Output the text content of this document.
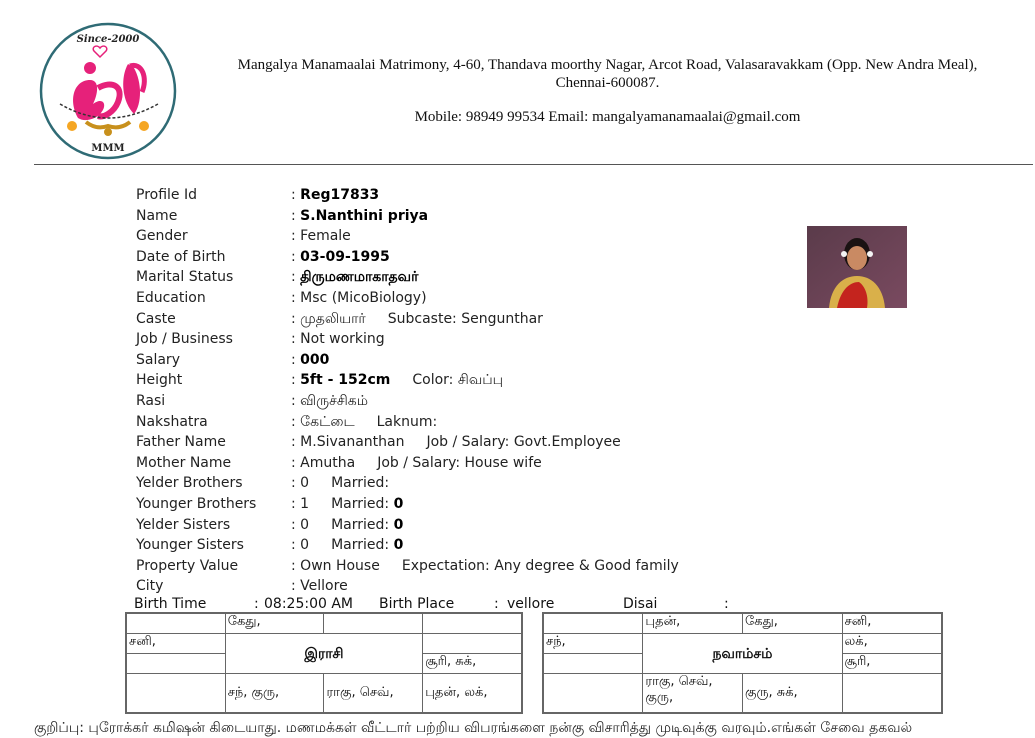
Since-2000
MMM
Mangalya Manamaalai Matrimony, 4-60, Thandava moorthy Nagar, Arcot Road, Valasaravakkam (Opp. New Andra Meal),
Chennai-600087.
Mobile: 98949 99534 Email: mangalyamanamaalai@gmail.com
Profile Id	: Reg17833
Name	: S.Nanthini priya
Gender	: Female
Date of Birth	: 03-09-1995
Marital Status	: திருமணமாகாதவர்
Education	: Msc (MicoBiology)
Caste	: முதலியார் Subcaste: Sengunthar
Job / Business	: Not working
Salary	: 000
Height	: 5ft - 152cm Color: சிவப்பு
Rasi	: விருச்சிகம்
Nakshatra	: கேட்டை Laknum:
Father Name	: M.Sivananthan Job / Salary: Govt.Employee
Mother Name	: Amutha Job / Salary: House wife
Yelder Brothers	: 0 Married:
Younger Brothers : 1 Married: 0
Yelder Sisters	: 0 Married: 0
Younger Sisters	: 0 Married: 0
Property Value	: Own House Expectation: Any degree & Good family
City	: Vellore
Birth Time	: 08:25:00 AM Birth Place	: vellore	Disai	:
	கேது,		
சனி,	இராசி		
			சூரி, சுக்,
	சந், குரு,	ராகு, செவ்,	புதன், லக்,
	புதன்,	கேது,	சனி,
சந்,	நவாம்சம்		லக்,
			சூரி,
	ராகு, செவ், குரு,	குரு, சுக்,	
குறிப்பு: புரோக்கர் கமிஷன் கிடையாது. மணமக்கள் வீட்டார் பற்றிய விபரங்களை நன்கு விசாரித்து முடிவுக்கு வரவும்.எங்கள் சேவை தகவல்
